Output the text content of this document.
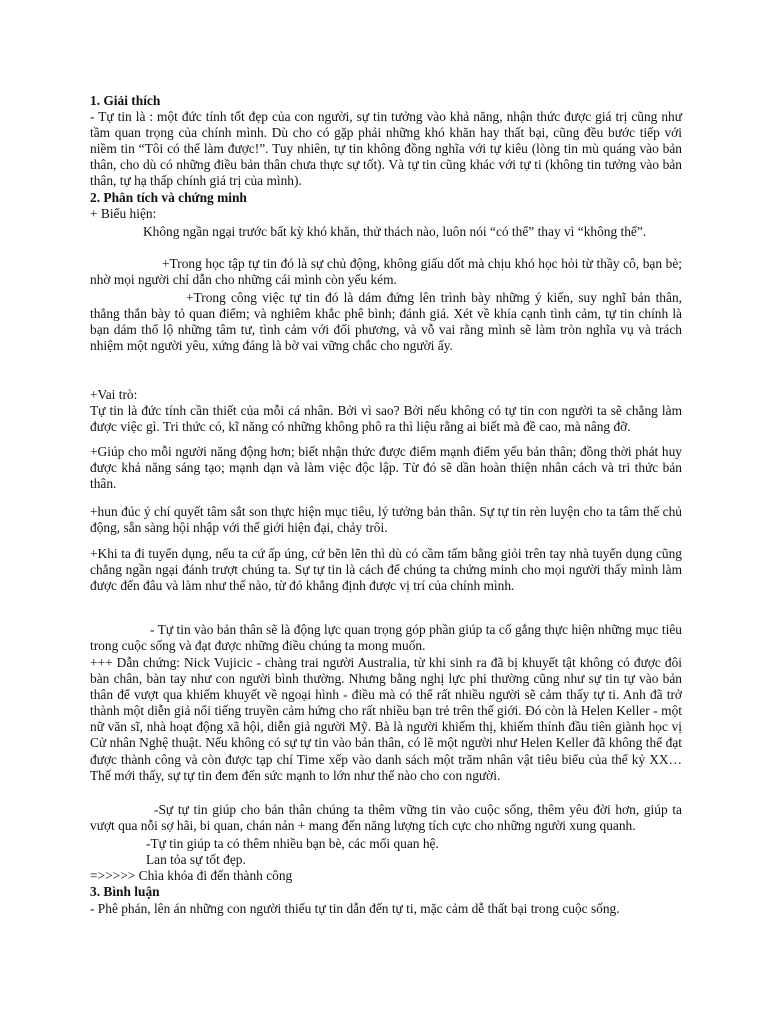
1. Giải thích

- Tự tin là : một đức tính tốt đẹp của con người, sự tin tưởng vào khả năng, nhận thức được giá trị cũng như tầm quan trọng của chính mình. Dù cho có gặp phải những khó khăn hay thất bại, cũng đều bước tiếp với niềm tin “Tôi có thể làm được!”. Tuy nhiên, tự tin không đồng nghĩa với tự kiêu (lòng tin mù quáng vào bản thân, cho dù có những điều bản thân chưa thực sự tốt). Và tự tin cũng khác với tự ti (không tin tưởng vào bản thân, tự hạ thấp chính giá trị của mình).

2. Phân tích và chứng minh
+ Biểu hiện:
Không ngần ngại trước bất kỳ khó khăn, thử thách nào, luôn nói “có thể” thay vì “không thể”.

+Trong học tập tự tin đó là sự chủ động, không giấu dốt mà chịu khó học hỏi từ thầy cô, bạn bè; nhờ mọi người chỉ dẫn cho những cái mình còn yếu kém.

+Trong công việc tự tin đó là dám đứng lên trình bày những ý kiến, suy nghĩ bản thân, thẳng thắn bày tỏ quan điểm; và nghiêm khắc phê bình; đánh giá. Xét về khía cạnh tình cảm, tự tin chính là bạn dám thổ lộ những tâm tư, tình cảm với đối phương, và vỗ vai rằng mình sẽ làm tròn nghĩa vụ và trách nhiệm một người yêu, xứng đáng là bờ vai vững chắc cho người ấy.

+Vai trò:

Tự tin là đức tính cần thiết của mỗi cá nhân. Bởi vì sao? Bởi nếu không có tự tin con người ta sẽ chẳng làm được việc gì. Tri thức có, kĩ năng có những không phô ra thì liệu rằng ai biết mà đề cao, mà nâng đỡ.

+Giúp cho mỗi người năng động hơn; biết nhận thức được điểm mạnh điểm yếu bản thân; đồng thời phát huy được khả năng sáng tạo; mạnh dạn và làm việc độc lập. Từ đó sẽ dần hoàn thiện nhân cách và tri thức bản thân.

+hun đúc ý chí quyết tâm sắt son thực hiện mục tiêu, lý tưởng bản thân. Sự tự tin rèn luyện cho ta tâm thế chủ động, sẵn sàng hội nhập với thế giới hiện đại, chảy trôi.

+Khi ta đi tuyển dụng, nếu ta cứ ấp úng, cứ bẽn lẽn thì dù có cầm tấm bằng giỏi trên tay nhà tuyển dụng cũng chẳng ngần ngại đánh trượt chúng ta. Sự tự tin là cách để chúng ta chứng minh cho mọi người thấy mình làm được đến đâu và làm như thế nào, từ đó khẳng định được vị trí của chính mình.

- Tự tin vào bản thân sẽ là động lực quan trọng góp phần giúp ta cố gắng thực hiện những mục tiêu trong cuộc sống và đạt được những điều chúng ta mong muốn.

+++ Dẫn chứng: Nick Vujicic - chàng trai người Australia, từ khi sinh ra đã bị khuyết tật không có được đôi bàn chân, bàn tay như con người bình thường. Nhưng bằng nghị lực phi thường cũng như sự tin tự vào bản thân để vượt qua khiếm khuyết về ngoại hình - điều mà có thể rất nhiều người sẽ cảm thấy tự ti. Anh đã trở thành một diễn giả nổi tiếng truyền cảm hứng cho rất nhiều bạn trẻ trên thế giới. Đó còn là Helen Keller - một nữ văn sĩ, nhà hoạt động xã hội, diễn giả người Mỹ. Bà là người khiếm thị, khiếm thính đầu tiên giành học vị Cử nhân Nghệ thuật. Nếu không có sự tự tin vào bản thân, có lẽ một người như Helen Keller đã không thể đạt được thành công và còn được tạp chí Time xếp vào danh sách một trăm nhân vật tiêu biểu của thế kỷ XX… Thế mới thấy, sự tự tin đem đến sức mạnh to lớn như thế nào cho con người.

-Sự tự tin giúp cho bản thân chúng ta thêm vững tin vào cuộc sống, thêm yêu đời hơn, giúp ta vượt qua nỗi sợ hãi, bi quan, chán nản + mang đến năng lượng tích cực cho những người xung quanh.

-Tự tin giúp ta có thêm nhiều bạn bè, các mối quan hệ.
Lan tỏa sự tốt đẹp.
=>>>>> Chìa khóa đi đến thành công
3. Bình luận
- Phê phán, lên án những con người thiếu tự tin dẫn đến tự ti, mặc cảm dễ thất bại trong cuộc sống.
